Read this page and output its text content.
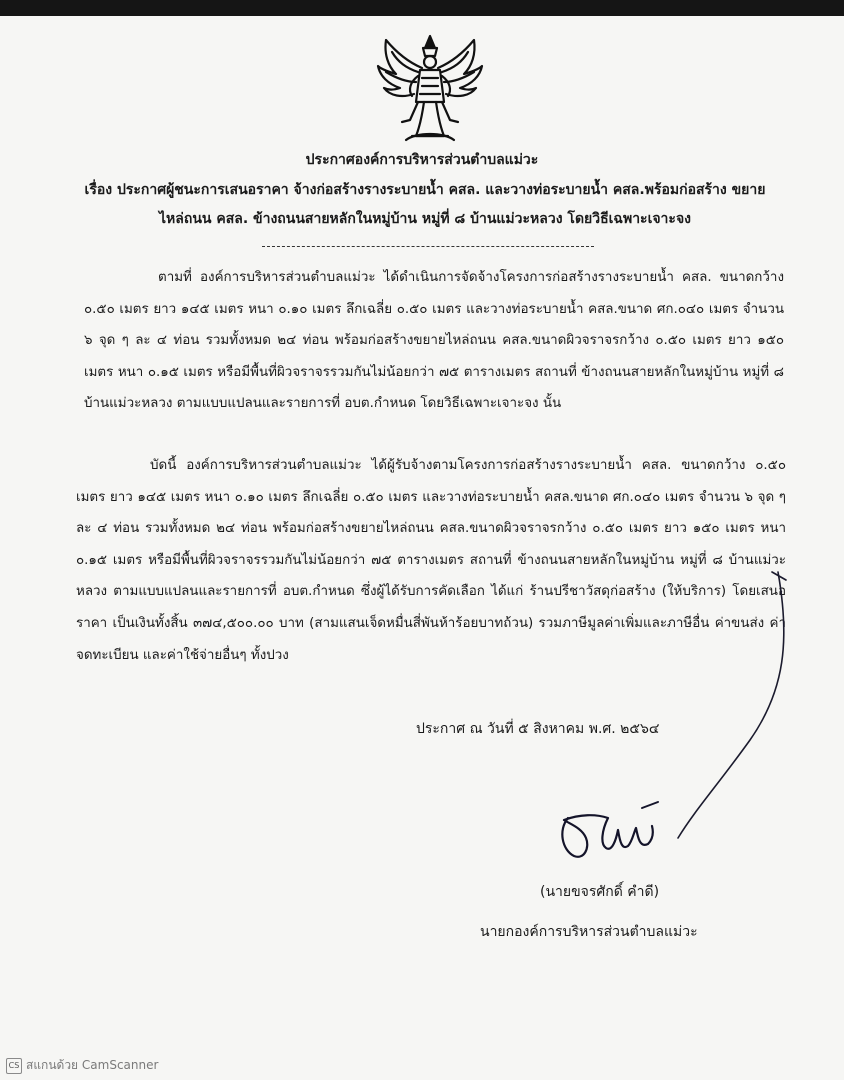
ประกาศองค์การบริหารส่วนตำบลแม่วะ
เรื่อง ประกาศผู้ชนะการเสนอราคา จ้างก่อสร้างรางระบายน้ำ คสล. และวางท่อระบายน้ำ คสล.พร้อมก่อสร้าง ขยายไหล่ถนน คสล. ข้างถนนสายหลักในหมู่บ้าน หมู่ที่ ๘ บ้านแม่วะหลวง โดยวิธีเฉพาะเจาะจง
ตามที่ องค์การบริหารส่วนตำบลแม่วะ ได้ดำเนินการจัดจ้างโครงการก่อสร้างรางระบายน้ำ คสล. ขนาดกว้าง ๐.๕๐ เมตร ยาว ๑๔๕ เมตร หนา ๐.๑๐ เมตร ลึกเฉลี่ย ๐.๕๐ เมตร และวางท่อระบายน้ำ คสล.ขนาด ศก.๐๔๐ เมตร จำนวน ๖ จุด ๆ ละ ๔ ท่อน รวมทั้งหมด ๒๔ ท่อน พร้อมก่อสร้างขยายไหล่ถนน คสล.ขนาดผิวจราจรกว้าง ๐.๕๐ เมตร ยาว ๑๕๐ เมตร หนา ๐.๑๕ เมตร หรือมีพื้นที่ผิวจราจรรวมกันไม่น้อยกว่า ๗๕ ตารางเมตร สถานที่ ข้างถนนสายหลักในหมู่บ้าน หมู่ที่ ๘ บ้านแม่วะหลวง ตามแบบแปลนและรายการที่ อบต.กำหนด โดยวิธีเฉพาะเจาะจง นั้น
บัดนี้ องค์การบริหารส่วนตำบลแม่วะ ได้ผู้รับจ้างตามโครงการก่อสร้างรางระบายน้ำ คสล. ขนาดกว้าง ๐.๕๐ เมตร ยาว ๑๔๕ เมตร หนา ๐.๑๐ เมตร ลึกเฉลี่ย ๐.๕๐ เมตร และวางท่อระบายน้ำ คสล.ขนาด ศก.๐๔๐ เมตร จำนวน ๖ จุด ๆ ละ ๔ ท่อน รวมทั้งหมด ๒๔ ท่อน พร้อมก่อสร้างขยายไหล่ถนน คสล.ขนาดผิวจราจรกว้าง ๐.๕๐ เมตร ยาว ๑๕๐ เมตร หนา ๐.๑๕ เมตร หรือมีพื้นที่ผิวจราจรรวมกันไม่น้อยกว่า ๗๕ ตารางเมตร สถานที่ ข้างถนนสายหลักในหมู่บ้าน หมู่ที่ ๘ บ้านแม่วะหลวง ตามแบบแปลนและรายการที่ อบต.กำหนด ซึ่งผู้ได้รับการคัดเลือก ได้แก่ ร้านปรีชาวัสดุก่อสร้าง (ให้บริการ) โดยเสนอราคา เป็นเงินทั้งสิ้น ๓๗๔,๕๐๐.๐๐ บาท (สามแสนเจ็ดหมื่นสี่พันห้าร้อยบาทถ้วน) รวมภาษีมูลค่าเพิ่มและภาษีอื่น ค่าขนส่ง ค่าจดทะเบียน และค่าใช้จ่ายอื่นๆ ทั้งปวง
ประกาศ ณ วันที่ ๕ สิงหาคม พ.ศ. ๒๕๖๔
(นายขจรศักดิ์ คำดี)
นายกองค์การบริหารส่วนตำบลแม่วะ
CS สแกนด้วย CamScanner
